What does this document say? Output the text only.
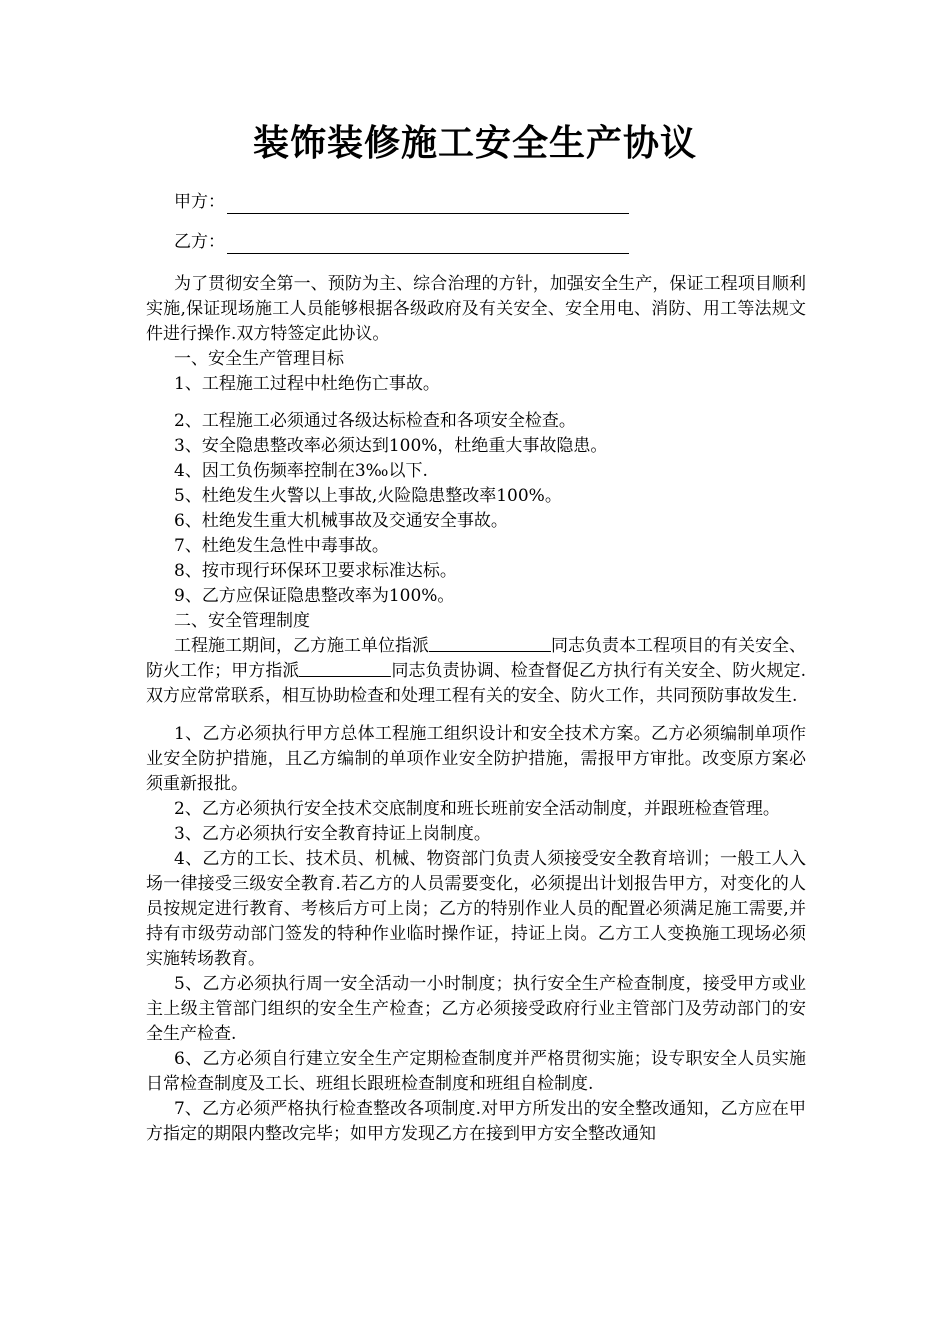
装饰装修施工安全生产协议
甲方：
乙方：

为了贯彻安全第一、预防为主、综合治理的方针，加强安全生产，保证工程项目顺利实施,保证现场施工人员能够根据各级政府及有关安全、安全用电、消防、用工等法规文件进行操作.双方特签定此协议。

一、安全生产管理目标

1、工程施工过程中杜绝伤亡事故。

2、工程施工必须通过各级达标检查和各项安全检查。

3、安全隐患整改率必须达到100%，杜绝重大事故隐患。

4、因工负伤频率控制在3‰以下.

5、杜绝发生火警以上事故,火险隐患整改率100%。

6、杜绝发生重大机械事故及交通安全事故。

7、杜绝发生急性中毒事故。

8、按市现行环保环卫要求标准达标。

9、乙方应保证隐患整改率为100%。

二、安全管理制度

工程施工期间，乙方施工单位指派	同志负责本工程项目的有关安全、防火工作；甲方指派	同志负责协调、检查督促乙方执行有关安全、防火规定.双方应常常联系，相互协助检查和处理工程有关的安全、防火工作，共同预防事故发生.

1、乙方必须执行甲方总体工程施工组织设计和安全技术方案。乙方必须编制单项作业安全防护措施，且乙方编制的单项作业安全防护措施，需报甲方审批。改变原方案必须重新报批。

2、乙方必须执行安全技术交底制度和班长班前安全活动制度，并跟班检查管理。

3、乙方必须执行安全教育持证上岗制度。

4、乙方的工长、技术员、机械、物资部门负责人须接受安全教育培训；一般工人入场一律接受三级安全教育.若乙方的人员需要变化，必须提出计划报告甲方，对变化的人员按规定进行教育、考核后方可上岗；乙方的特别作业人员的配置必须满足施工需要,并持有市级劳动部门签发的特种作业临时操作证，持证上岗。乙方工人变换施工现场必须实施转场教育。

5、乙方必须执行周一安全活动一小时制度；执行安全生产检查制度，接受甲方或业主上级主管部门组织的安全生产检查；乙方必须接受政府行业主管部门及劳动部门的安全生产检查.

6、乙方必须自行建立安全生产定期检查制度并严格贯彻实施；设专职安全人员实施日常检查制度及工长、班组长跟班检查制度和班组自检制度.

7、乙方必须严格执行检查整改各项制度.对甲方所发出的安全整改通知，乙方应在甲方指定的期限内整改完毕；如甲方发现乙方在接到甲方安全整改通知
